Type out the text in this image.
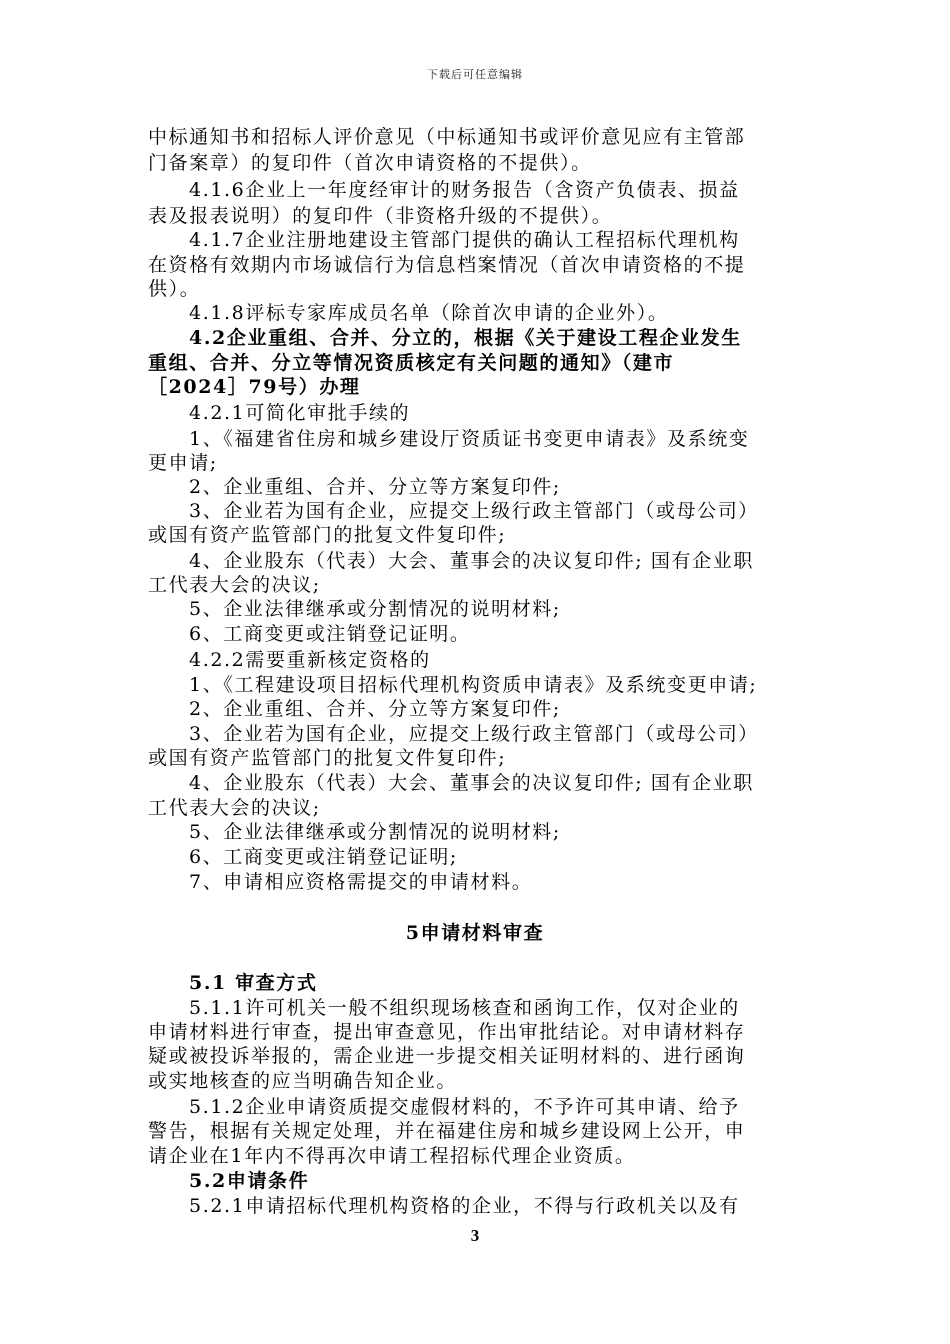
下载后可任意编辑
中标通知书和招标人评价意见（中标通知书或评价意见应有主管部
门备案章）的复印件（首次申请资格的不提供）。
4.1.6企业上一年度经审计的财务报告（含资产负债表、损益
表及报表说明）的复印件（非资格升级的不提供）。
4.1.7企业注册地建设主管部门提供的确认工程招标代理机构
在资格有效期内市场诚信行为信息档案情况（首次申请资格的不提
供）。
4.1.8评标专家库成员名单（除首次申请的企业外）。
4.2企业重组、合并、分立的，根据《关于建设工程企业发生
重组、合并、分立等情况资质核定有关问题的通知》（建市
［2024］79号）办理
4.2.1可简化审批手续的
1、《福建省住房和城乡建设厅资质证书变更申请表》及系统变
更申请;
2、企业重组、合并、分立等方案复印件;
3、企业若为国有企业，应提交上级行政主管部门（或母公司）
或国有资产监管部门的批复文件复印件;
4、企业股东（代表）大会、董事会的决议复印件; 国有企业职
工代表大会的决议;
5、企业法律继承或分割情况的说明材料;
6、工商变更或注销登记证明。
4.2.2需要重新核定资格的
1、《工程建设项目招标代理机构资质申请表》及系统变更申请;
2、企业重组、合并、分立等方案复印件;
3、企业若为国有企业，应提交上级行政主管部门（或母公司）
或国有资产监管部门的批复文件复印件;
4、企业股东（代表）大会、董事会的决议复印件; 国有企业职
工代表大会的决议;
5、企业法律继承或分割情况的说明材料;
6、工商变更或注销登记证明;
7、申请相应资格需提交的申请材料。
5申请材料审查
5.1 审查方式
5.1.1许可机关一般不组织现场核查和函询工作，仅对企业的
申请材料进行审查，提出审查意见，作出审批结论。对申请材料存
疑或被投诉举报的，需企业进一步提交相关证明材料的、进行函询
或实地核查的应当明确告知企业。
5.1.2企业申请资质提交虚假材料的，不予许可其申请、给予
警告，根据有关规定处理，并在福建住房和城乡建设网上公开，申
请企业在1年内不得再次申请工程招标代理企业资质。
5.2申请条件
5.2.1申请招标代理机构资格的企业，不得与行政机关以及有
3
